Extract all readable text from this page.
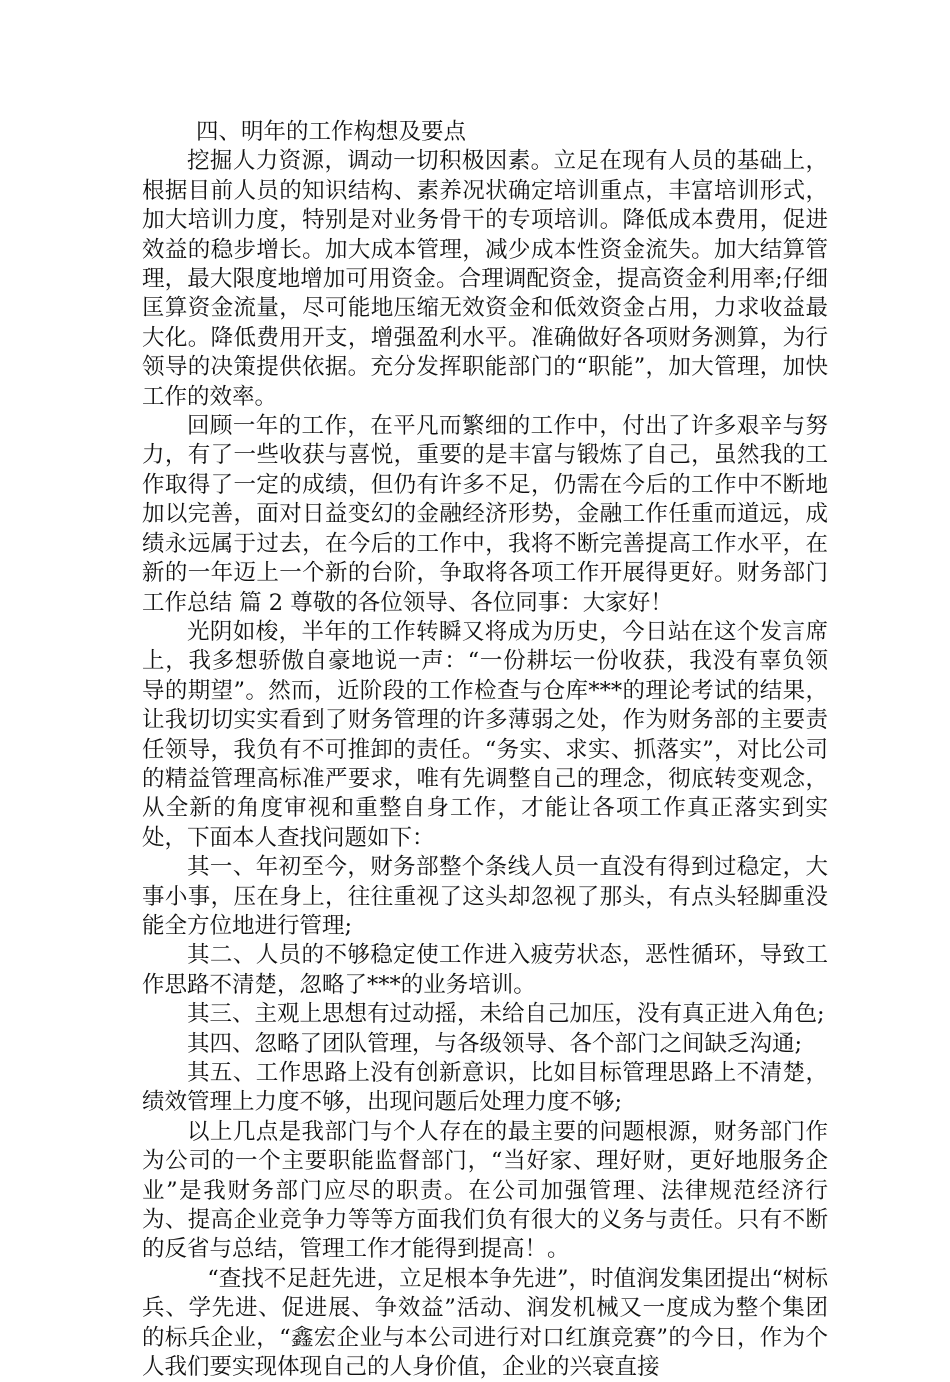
四、明年的工作构想及要点

挖掘人力资源，调动一切积极因素。立足在现有人员的基础上，根据目前人员的知识结构、素养况状确定培训重点，丰富培训形式，加大培训力度，特别是对业务骨干的专项培训。降低成本费用，促进效益的稳步增长。加大成本管理，减少成本性资金流失。加大结算管理，最大限度地增加可用资金。合理调配资金，提高资金利用率;仔细匡算资金流量，尽可能地压缩无效资金和低效资金占用，力求收益最大化。降低费用开支，增强盈利水平。准确做好各项财务测算，为行领导的决策提供依据。充分发挥职能部门的“职能”，加大管理，加快工作的效率。

回顾一年的工作，在平凡而繁细的工作中，付出了许多艰辛与努力，有了一些收获与喜悦，重要的是丰富与锻炼了自己，虽然我的工作取得了一定的成绩，但仍有许多不足，仍需在今后的工作中不断地加以完善，面对日益变幻的金融经济形势，金融工作任重而道远，成绩永远属于过去，在今后的工作中，我将不断完善提高工作水平，在新的一年迈上一个新的台阶，争取将各项工作开展得更好。财务部门工作总结 篇 2 尊敬的各位领导、各位同事：大家好！

光阴如梭，半年的工作转瞬又将成为历史，今日站在这个发言席上，我多想骄傲自豪地说一声：“一份耕坛一份收获，我没有辜负领导的期望”。然而，近阶段的工作检查与仓库***的理论考试的结果，让我切切实实看到了财务管理的许多薄弱之处，作为财务部的主要责任领导，我负有不可推卸的责任。“务实、求实、抓落实”，对比公司的精益管理高标准严要求，唯有先调整自己的理念，彻底转变观念，从全新的角度审视和重整自身工作，才能让各项工作真正落实到实处，下面本人查找问题如下：

其一、年初至今，财务部整个条线人员一直没有得到过稳定，大事小事，压在身上，往往重视了这头却忽视了那头，有点头轻脚重没能全方位地进行管理;

其二、人员的不够稳定使工作进入疲劳状态，恶性循环，导致工作思路不清楚，忽略了***的业务培训。

其三、主观上思想有过动摇，未给自己加压，没有真正进入角色;

其四、忽略了团队管理，与各级领导、各个部门之间缺乏沟通;

其五、工作思路上没有创新意识，比如目标管理思路上不清楚，绩效管理上力度不够，出现问题后处理力度不够;

以上几点是我部门与个人存在的最主要的问题根源，财务部门作为公司的一个主要职能监督部门，“当好家、理好财，更好地服务企业”是我财务部门应尽的职责。在公司加强管理、法律规范经济行为、提高企业竞争力等等方面我们负有很大的义务与责任。只有不断的反省与总结，管理工作才能得到提高！。

“查找不足赶先进，立足根本争先进”，时值润发集团提出“树标兵、学先进、促进展、争效益”活动、润发机械又一度成为整个集团的标兵企业，“鑫宏企业与本公司进行对口红旗竞赛”的今日，作为个人我们要实现体现自己的人身价值，企业的兴衰直接
